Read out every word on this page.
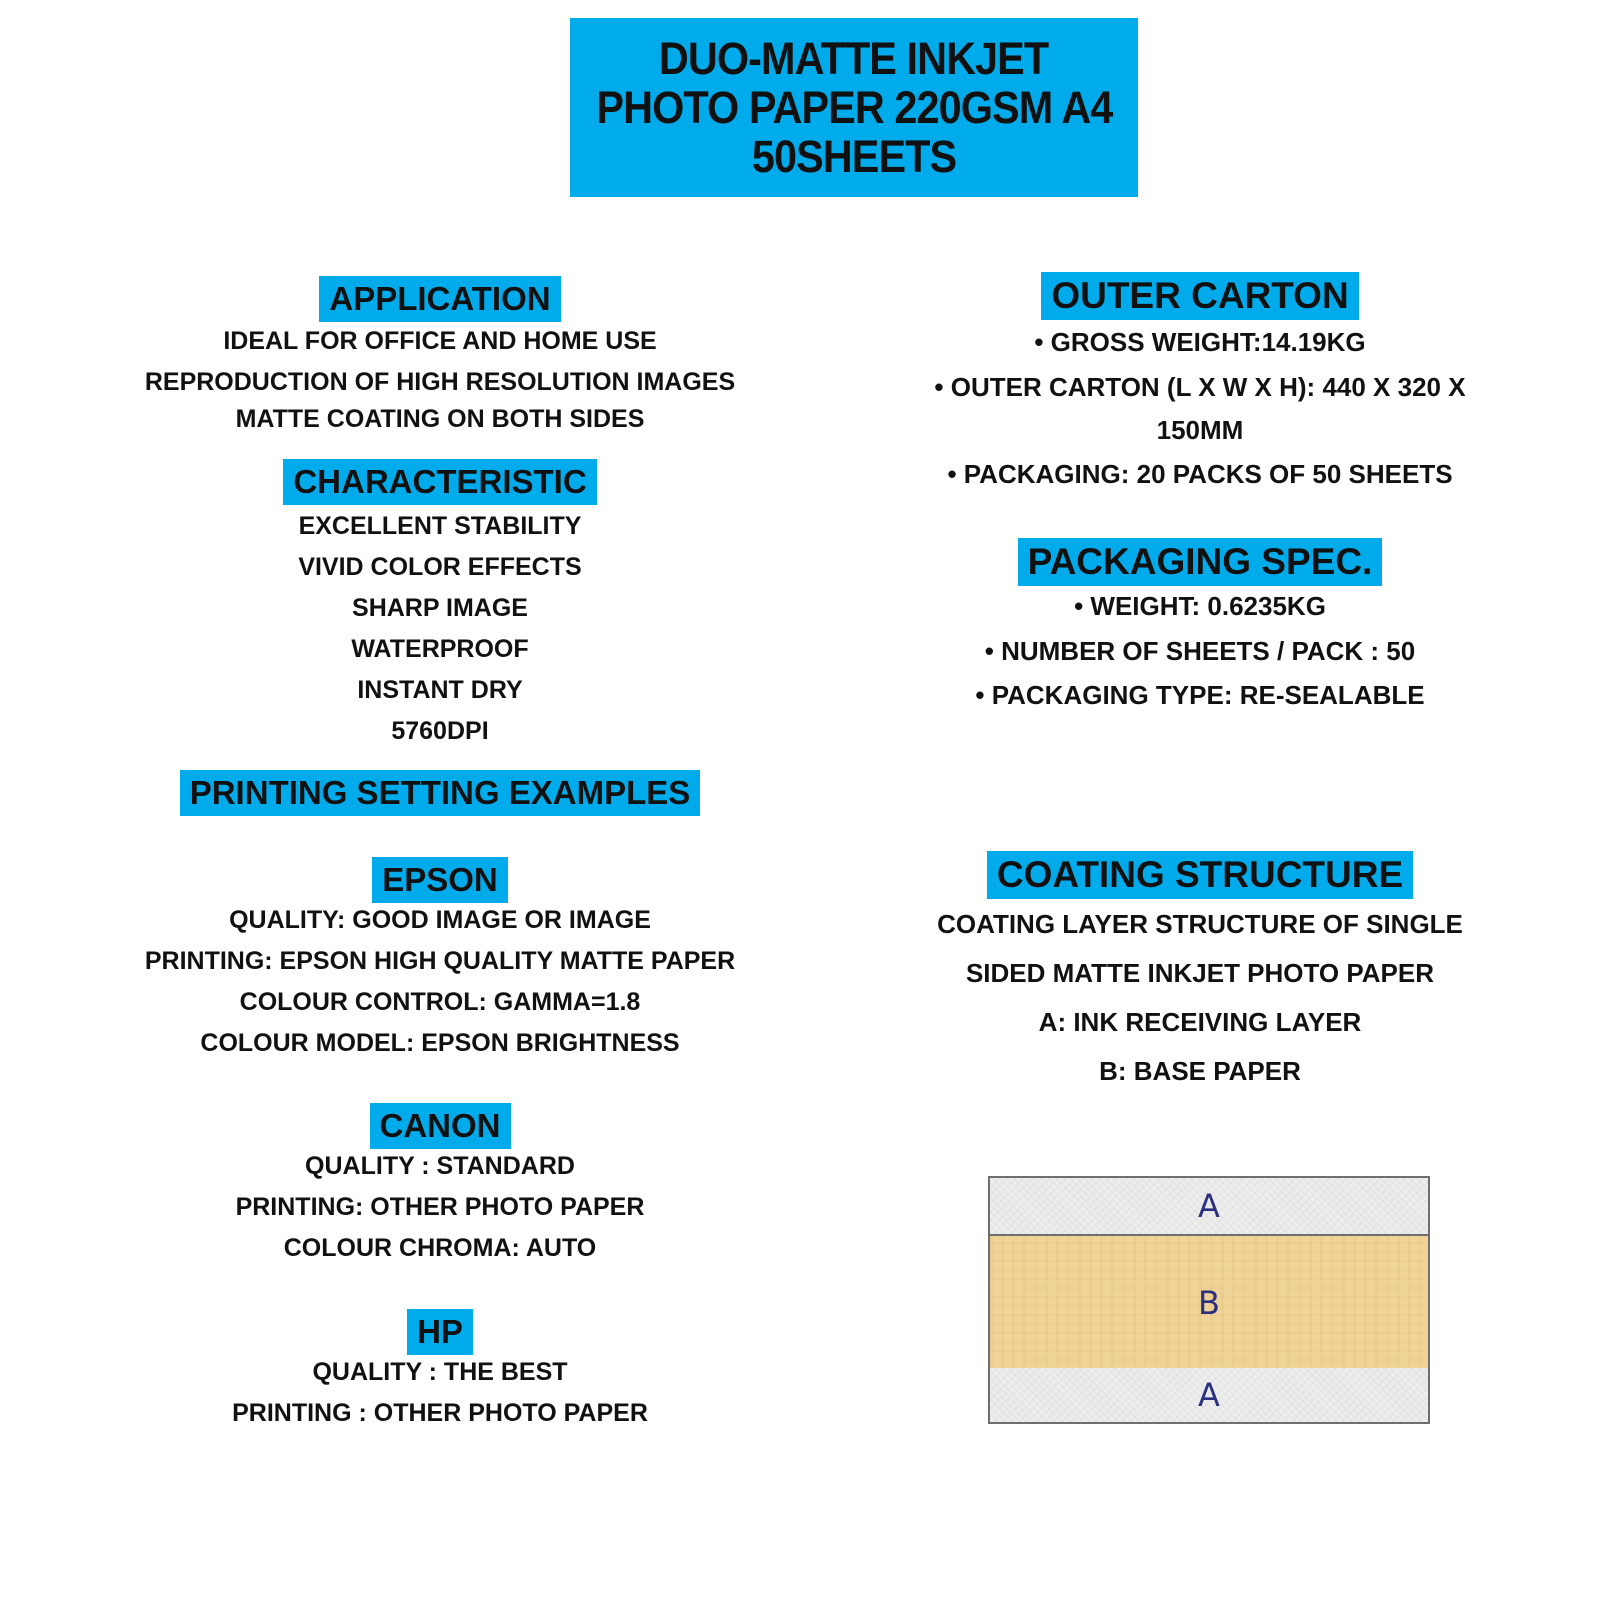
DUO-MATTE INKJET
PHOTO PAPER 220GSM A4
50SHEETS
APPLICATION
IDEAL FOR OFFICE AND HOME USE
REPRODUCTION OF HIGH RESOLUTION IMAGES
MATTE COATING ON BOTH SIDES
CHARACTERISTIC
EXCELLENT STABILITY
VIVID COLOR EFFECTS
SHARP IMAGE
WATERPROOF
INSTANT DRY
5760DPI
PRINTING SETTING EXAMPLES
EPSON
QUALITY: GOOD IMAGE OR IMAGE
PRINTING: EPSON HIGH QUALITY MATTE PAPER
COLOUR CONTROL: GAMMA=1.8
COLOUR MODEL: EPSON BRIGHTNESS
CANON
QUALITY : STANDARD
PRINTING: OTHER PHOTO PAPER
COLOUR CHROMA: AUTO
HP
QUALITY : THE BEST
PRINTING : OTHER PHOTO PAPER
OUTER CARTON
• GROSS WEIGHT:14.19KG
• OUTER CARTON (L X W X H): 440 X 320 X
150MM
• PACKAGING: 20 PACKS OF 50 SHEETS
PACKAGING SPEC.
• WEIGHT: 0.6235KG
• NUMBER OF SHEETS / PACK : 50
• PACKAGING TYPE: RE-SEALABLE
COATING STRUCTURE
COATING LAYER STRUCTURE OF SINGLE
SIDED MATTE INKJET PHOTO PAPER
A: INK RECEIVING LAYER
B: BASE PAPER
A
B
A
